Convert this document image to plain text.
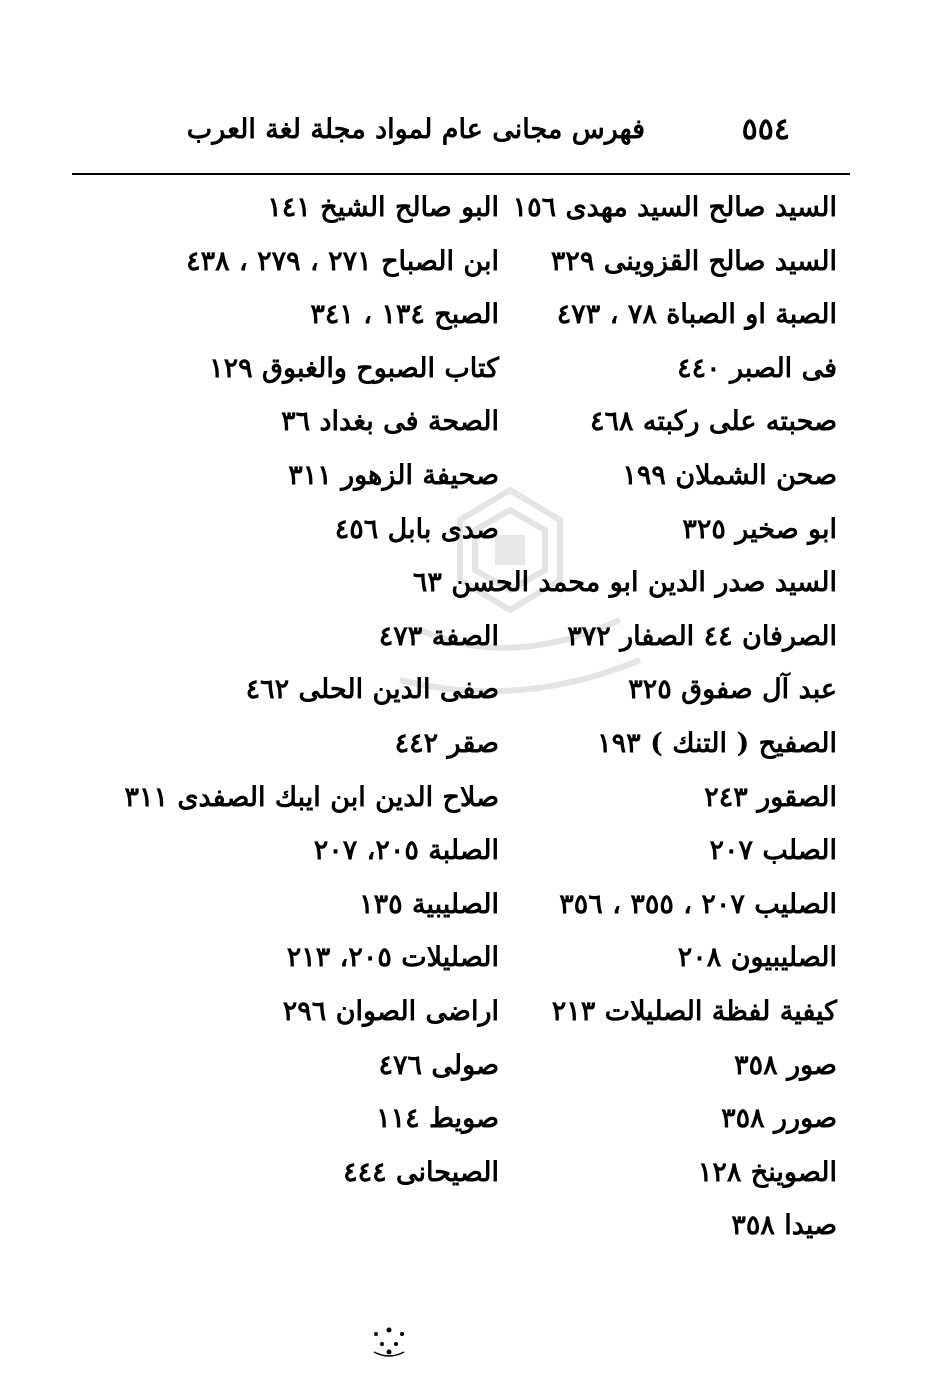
٥٥٤
فهرس مجانى عام لمواد مجلة لغة العرب
السيد صالح السيد مهدى ١٥٦
البو صالح الشيخ ١٤١
السيد صالح القزوينى ٣٢٩
ابن الصباح ٢٧١ ، ٢٧٩ ، ٤٣٨
الصبة او الصباة ٧٨ ، ٤٧٣
الصبح ١٣٤ ، ٣٤١
فى الصبر ٤٤٠
كتاب الصبوح والغبوق ١٢٩
صحبته على ركبته ٤٦٨
الصحة فى بغداد ٣٦
صحن الشملان ١٩٩
صحيفة الزهور ٣١١
ابو صخير ٣٢٥
صدى بابل ٤٥٦
السيد صدر الدين ابو محمد الحسن ٦٣
الصرفان ٤٤ الصفار ٣٧٢
الصفة ٤٧٣
عبد آل صفوق ٣٢٥
صفى الدين الحلى ٤٦٢
الصفيح ( التنك ) ١٩٣
صقر ٤٤٢
الصقور ٢٤٣
صلاح الدين ابن ايبك الصفدى ٣١١
الصلب ٢٠٧
الصلبة ٢٠٥، ٢٠٧
الصليب ٢٠٧ ، ٣٥٥ ، ٣٥٦
الصليبية ١٣٥
الصليبيون ٢٠٨
الصليلات ٢٠٥، ٢١٣
كيفية لفظة الصليلات ٢١٣
اراضى الصوان ٢٩٦
صور ٣٥٨
صولى ٤٧٦
صورر ٣٥٨
صويط ١١٤
الصوينخ ١٢٨
الصيحانى ٤٤٤
صيدا ٣٥٨
